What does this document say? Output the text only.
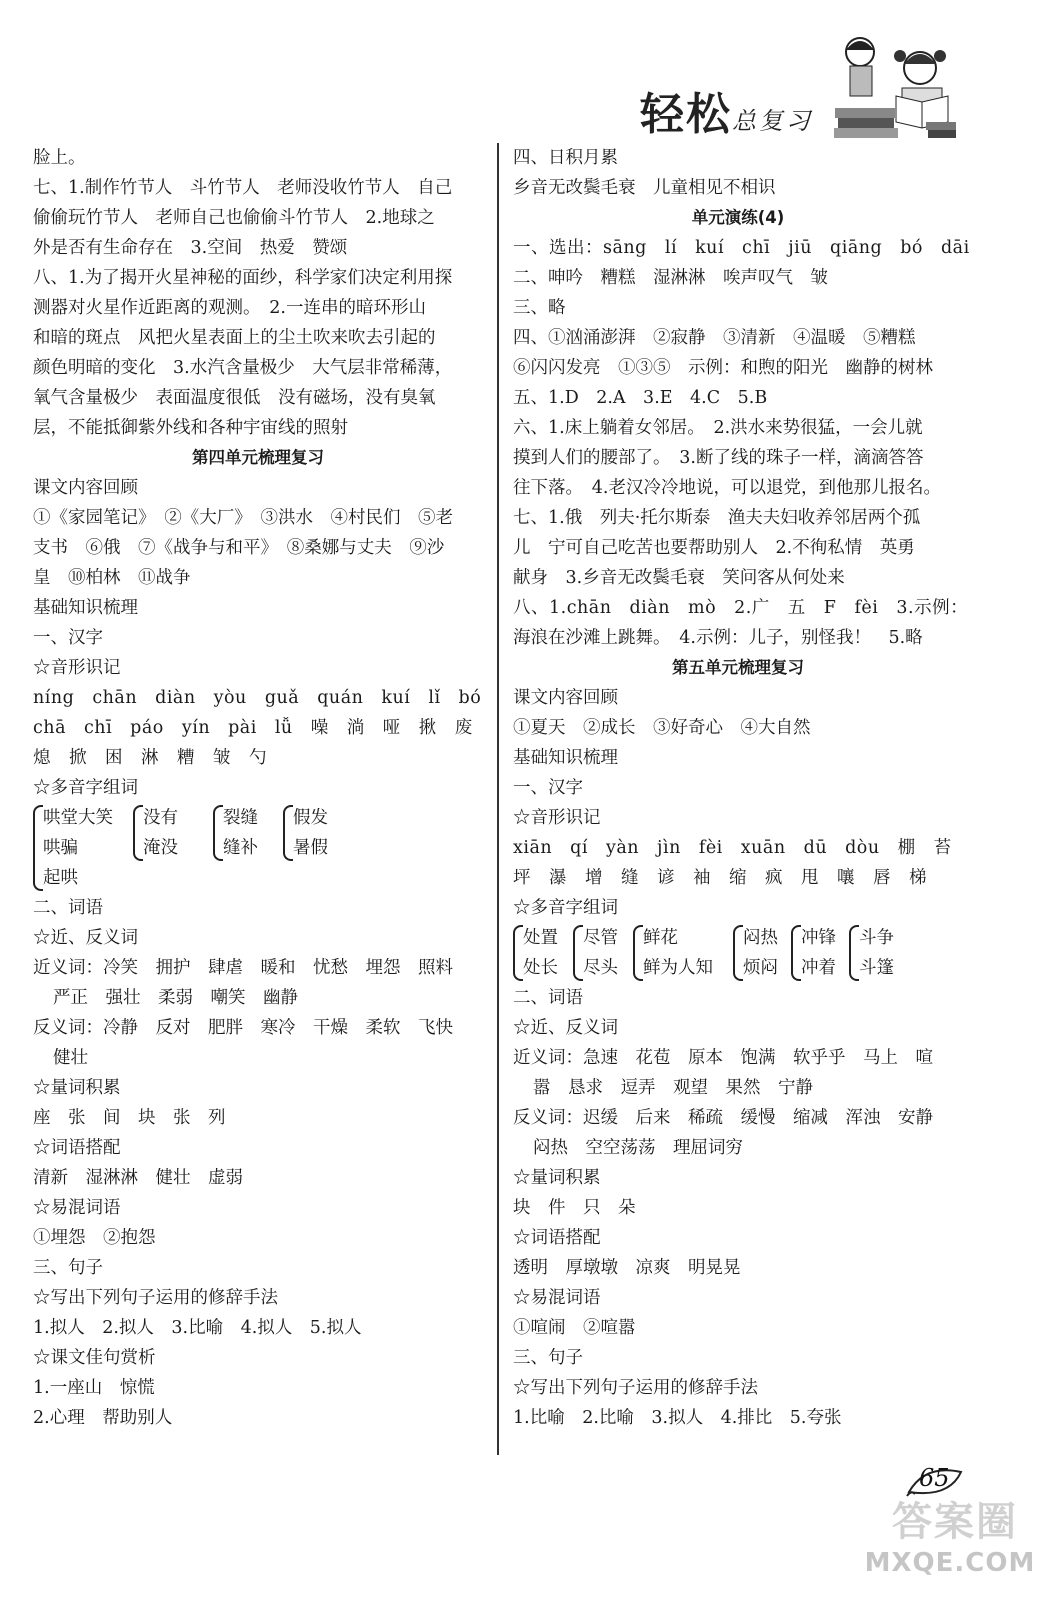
轻松总复习
脸上。
七、1.制作竹节人　斗竹节人　老师没收竹节人　自己
偷偷玩竹节人　老师自己也偷偷斗竹节人　2.地球之
外是否有生命存在　3.空间　热爱　赞颂
八、1.为了揭开火星神秘的面纱，科学家们决定利用探
测器对火星作近距离的观测。　2.一连串的暗环形山
和暗的斑点　风把火星表面上的尘土吹来吹去引起的
颜色明暗的变化　3.水汽含量极少　大气层非常稀薄，
氧气含量极少　表面温度很低　没有磁场，没有臭氧
层，不能抵御紫外线和各种宇宙线的照射
第四单元梳理复习
课文内容回顾
①《家园笔记》　②《大厂》　③洪水　④村民们　⑤老
支书　⑥俄　⑦《战争与和平》　⑧桑娜与丈夫　⑨沙
皇　⑩柏林　⑪战争
基础知识梳理
一、汉字
☆音形识记
níng　chān　diàn　yòu　guǎ　quán　kuí　lǐ　bó
chā　chī　páo　yín　pài　lǚ　噪　淌　哑　揪　废
熄　掀　困　淋　糟　皱　勺
☆多音字组词
哄堂大笑
哄骗
起哄
没有
淹没
裂缝
缝补
假发
暑假
二、词语
☆近、反义词
近义词：冷笑　拥护　肆虐　暖和　忧愁　埋怨　照料
严正　强壮　柔弱　嘲笑　幽静
反义词：冷静　反对　肥胖　寒冷　干燥　柔软　飞快
健壮
☆量词积累
座　张　间　块　张　列
☆词语搭配
清新　湿淋淋　健壮　虚弱
☆易混词语
①埋怨　②抱怨
三、句子
☆写出下列句子运用的修辞手法
1.拟人　2.拟人　3.比喻　4.拟人　5.拟人
☆课文佳句赏析
1.一座山　惊慌
2.心理　帮助别人
四、日积月累
乡音无改鬓毛衰　儿童相见不相识
单元演练(4)
一、选出：sāng　lí　kuí　chī　jiū　qiāng　bó　dāi
二、呻吟　糟糕　湿淋淋　唉声叹气　皱
三、略
四、①汹涌澎湃　②寂静　③清新　④温暖　⑤糟糕
⑥闪闪发亮　①③⑤　示例：和煦的阳光　幽静的树林
五、1.D　2.A　3.E　4.C　5.B
六、1.床上躺着女邻居。　2.洪水来势很猛，一会儿就
摸到人们的腰部了。　3.断了线的珠子一样，滴滴答答
往下落。　4.老汉冷冷地说，可以退党，到他那儿报名。
七、1.俄　列夫·托尔斯泰　渔夫夫妇收养邻居两个孤
儿　宁可自己吃苦也要帮助别人　2.不徇私情　英勇
献身　3.乡音无改鬓毛衰　笑问客从何处来
八、1.chān　diàn　mò　2.广　五　F　fèi　3.示例：
海浪在沙滩上跳舞。　4.示例：儿子，别怪我！　5.略
第五单元梳理复习
课文内容回顾
①夏天　②成长　③好奇心　④大自然
基础知识梳理
一、汉字
☆音形识记
xiān　qí　yàn　jìn　fèi　xuān　dū　dòu　棚　苔
坪　瀑　增　缝　谚　袖　缩　疯　甩　嚷　唇　梯
☆多音字组词
处置
处长
尽管
尽头
鲜花
鲜为人知
闷热
烦闷
冲锋
冲着
斗争
斗篷
二、词语
☆近、反义词
近义词：急速　花苞　原本　饱满　软乎乎　马上　喧
嚣　恳求　逗弄　观望　果然　宁静
反义词：迟缓　后来　稀疏　缓慢　缩减　浑浊　安静
闷热　空空荡荡　理屈词穷
☆量词积累
块　件　只　朵
☆词语搭配
透明　厚墩墩　凉爽　明晃晃
☆易混词语
①喧闹　②喧嚣
三、句子
☆写出下列句子运用的修辞手法
1.比喻　2.比喻　3.拟人　4.排比　5.夸张
65
答案圈
MXQE.COM
